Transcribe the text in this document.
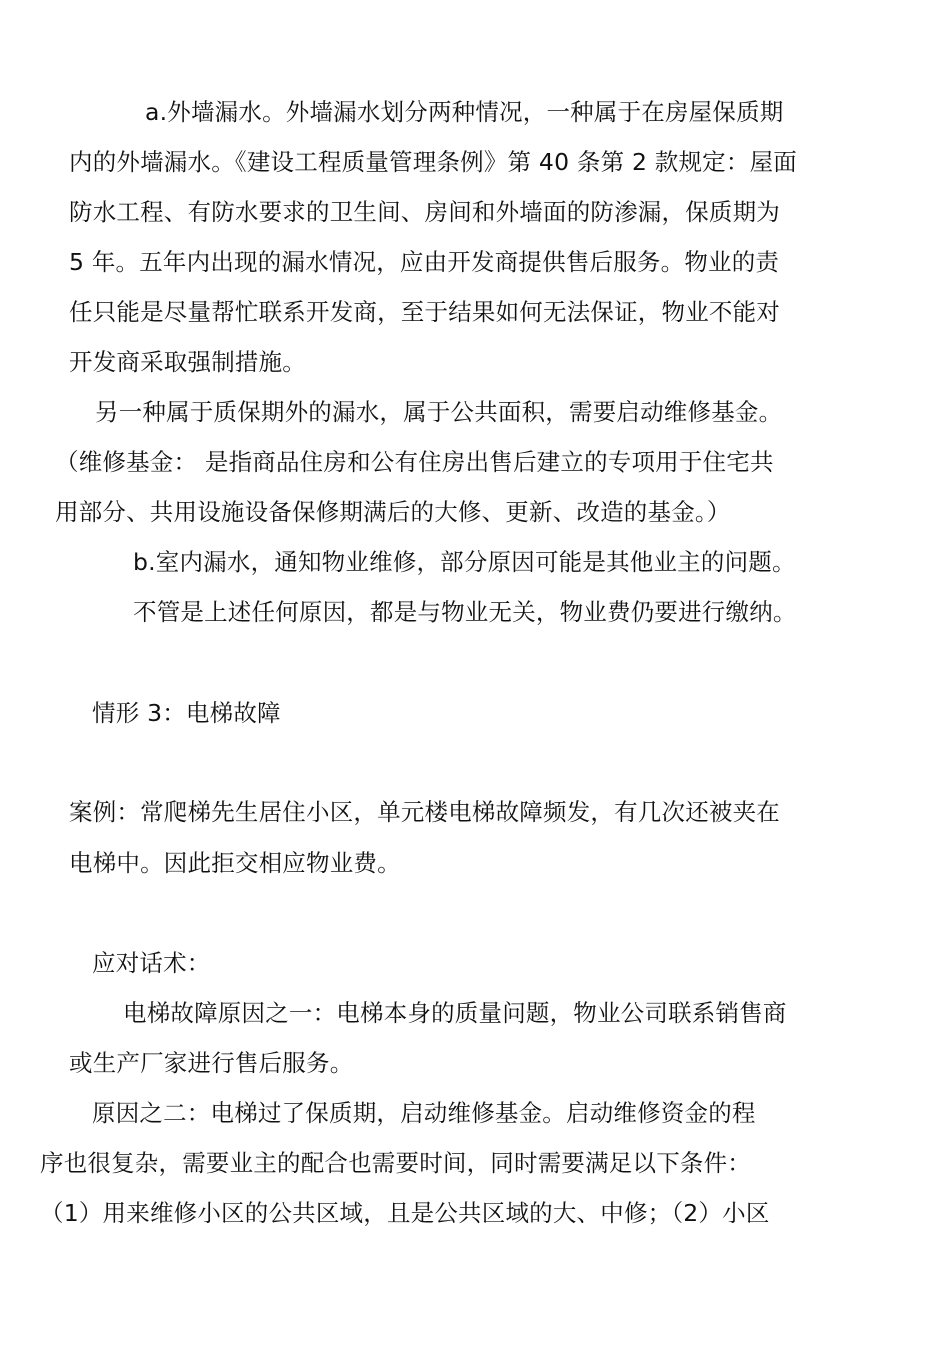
a.外墙漏水。外墙漏水划分两种情况，一种属于在房屋保质期
内的外墙漏水。《建设工程质量管理条例》第 40 条第 2 款规定：屋面
防水工程、有防水要求的卫生间、房间和外墙面的防渗漏，保质期为
5 年。五年内出现的漏水情况，应由开发商提供售后服务。物业的责
任只能是尽量帮忙联系开发商，至于结果如何无法保证，物业不能对
开发商采取强制措施。
另一种属于质保期外的漏水，属于公共面积，需要启动维修基金。
（维修基金： 是指商品住房和公有住房出售后建立的专项用于住宅共
用部分、共用设施设备保修期满后的大修、更新、改造的基金。）
b.室内漏水，通知物业维修，部分原因可能是其他业主的问题。
不管是上述任何原因，都是与物业无关，物业费仍要进行缴纳。
情形 3：电梯故障
案例：常爬梯先生居住小区，单元楼电梯故障频发，有几次还被夹在
电梯中。因此拒交相应物业费。
应对话术：
电梯故障原因之一：电梯本身的质量问题，物业公司联系销售商
或生产厂家进行售后服务。
原因之二：电梯过了保质期，启动维修基金。启动维修资金的程
序也很复杂，需要业主的配合也需要时间，同时需要满足以下条件：
（1）用来维修小区的公共区域，且是公共区域的大、中修；（2）小区
